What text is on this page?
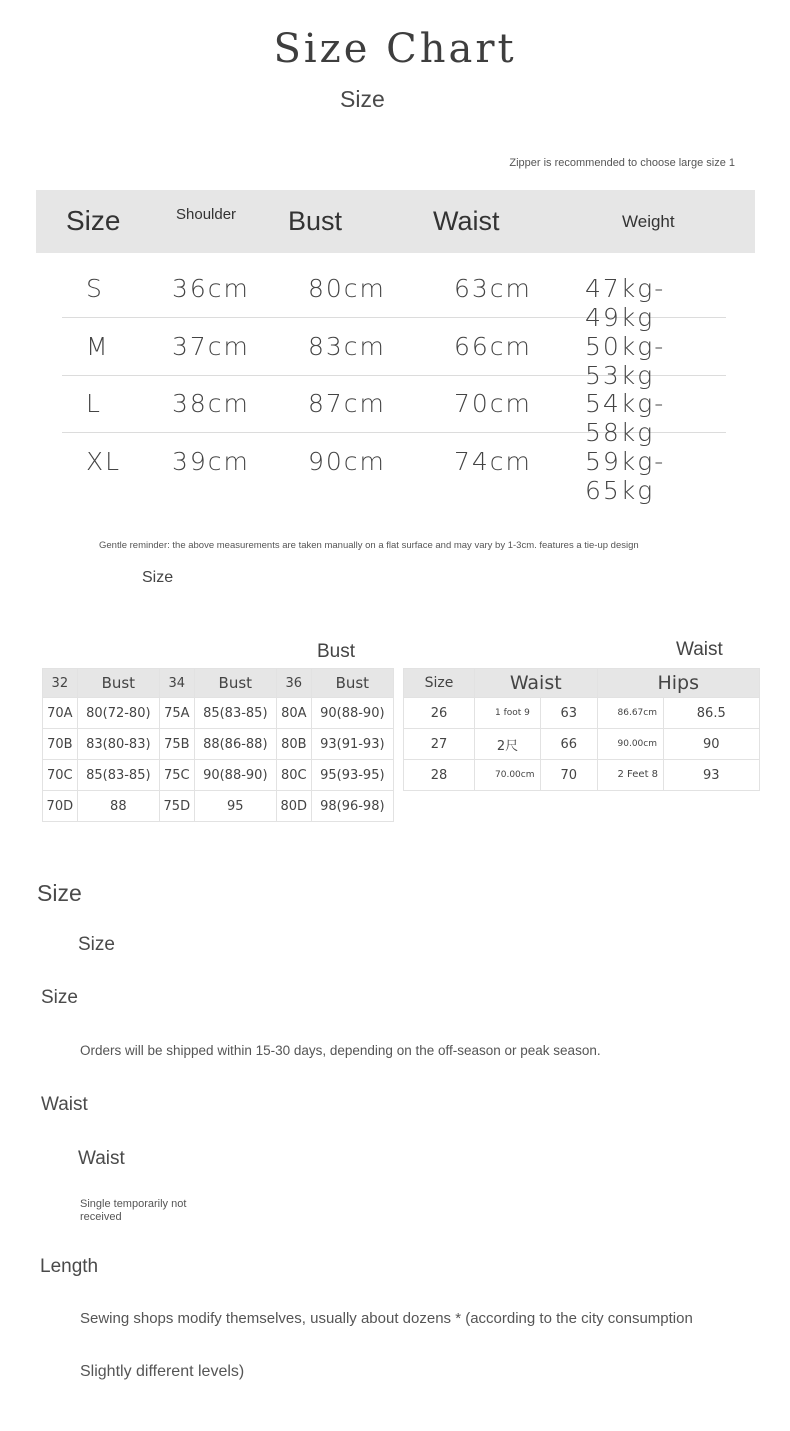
Size Chart
Size
Zipper is recommended to choose large size 1
Size	Shoulder Bust	Waist	Weight
S	36cm 80cm	63cm 47kg-49kg
M 37cm 83cm	66cm 50kg-53kg
L	38cm 87cm	70cm 54kg-58kg
XL 39cm 90cm	74cm 59kg-65kg
Gentle reminder: the above measurements are taken manually on a flat surface and may vary by 1-3cm. features a tie-up design
Size
Bust	Waist
32	Bust	34	Bust	36	Bust
70A	80(72-80)	75A	85(83-85)	80A	90(88-90)
70B	83(80-83)	75B	88(86-88)	80B	93(91-93)
70C	85(83-85)	75C	90(88-90)	80C	95(93-95)
70D	88	75D	95	80D	98(96-98)
Size	Waist		Hips	
26	1 foot 9	63	86.67cm	86.5
27	2尺	66	90.00cm	90
28	70.00cm	70	2 Feet 8	93
Size
Size
Size
Orders will be shipped within 15-30 days, depending on the off-season or peak season.
Waist
Waist
Single temporarily not received
Length
Sewing shops modify themselves, usually about dozens * (according to the city consumption
Slightly different levels)
